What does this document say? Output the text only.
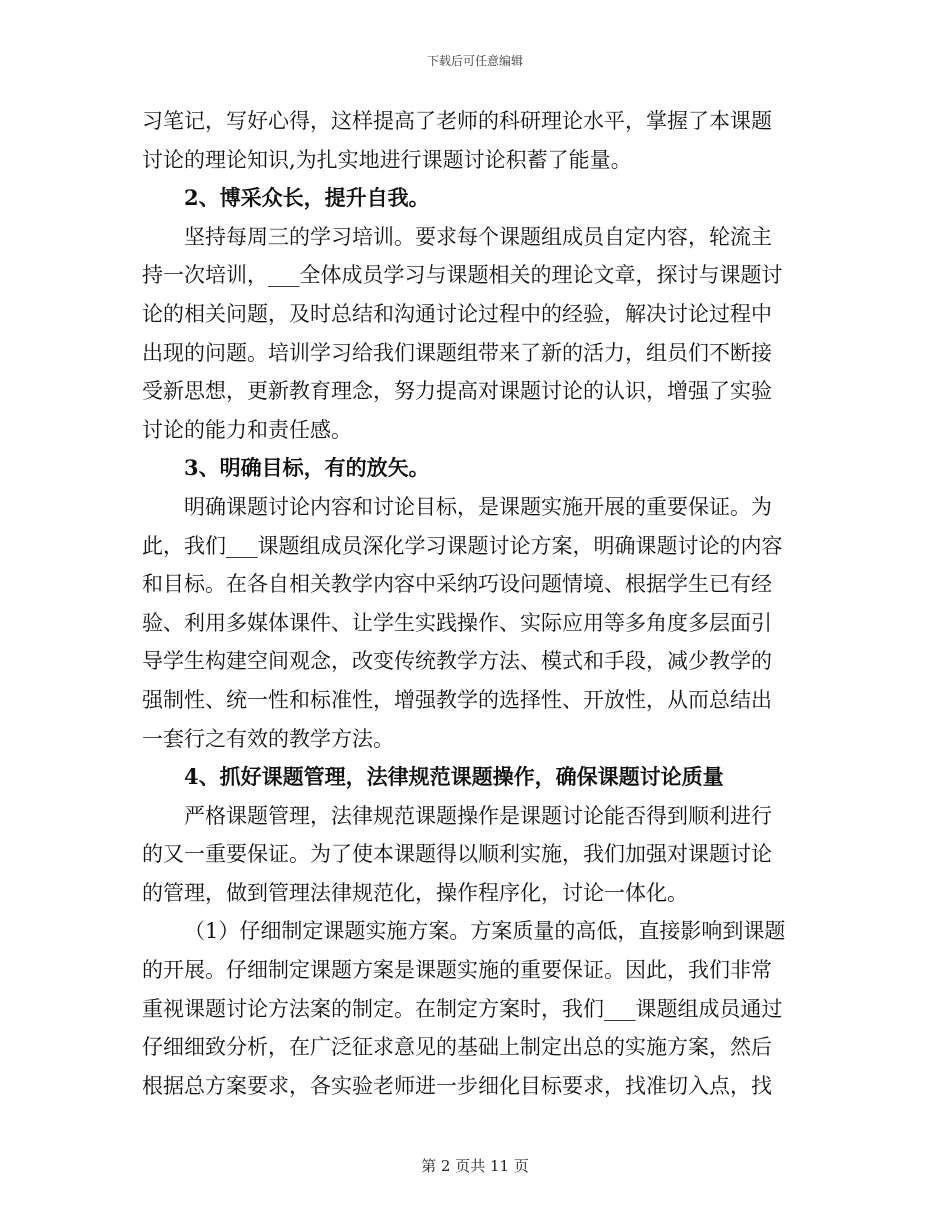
下载后可任意编辑
习笔记，写好心得，这样提高了老师的科研理论水平，掌握了本课题
讨论的理论知识,为扎实地进行课题讨论积蓄了能量。
2、博采众长，提升自我。
坚持每周三的学习培训。要求每个课题组成员自定内容，轮流主
持一次培训，___全体成员学习与课题相关的理论文章，探讨与课题讨
论的相关问题，及时总结和沟通讨论过程中的经验，解决讨论过程中
出现的问题。培训学习给我们课题组带来了新的活力，组员们不断接
受新思想，更新教育理念，努力提高对课题讨论的认识，增强了实验
讨论的能力和责任感。
3、明确目标，有的放矢。
明确课题讨论内容和讨论目标，是课题实施开展的重要保证。为
此，我们___课题组成员深化学习课题讨论方案，明确课题讨论的内容
和目标。在各自相关教学内容中采纳巧设问题情境、根据学生已有经
验、利用多媒体课件、让学生实践操作、实际应用等多角度多层面引
导学生构建空间观念，改变传统教学方法、模式和手段，减少教学的
强制性、统一性和标准性，增强教学的选择性、开放性，从而总结出
一套行之有效的教学方法。
4、抓好课题管理，法律规范课题操作，确保课题讨论质量
严格课题管理，法律规范课题操作是课题讨论能否得到顺利进行
的又一重要保证。为了使本课题得以顺利实施，我们加强对课题讨论
的管理，做到管理法律规范化，操作程序化，讨论一体化。
（1）仔细制定课题实施方案。方案质量的高低，直接影响到课题
的开展。仔细制定课题方案是课题实施的重要保证。因此，我们非常
重视课题讨论方法案的制定。在制定方案时，我们___课题组成员通过
仔细细致分析，在广泛征求意见的基础上制定出总的实施方案，然后
根据总方案要求，各实验老师进一步细化目标要求，找准切入点，找
第 2 页共 11 页
